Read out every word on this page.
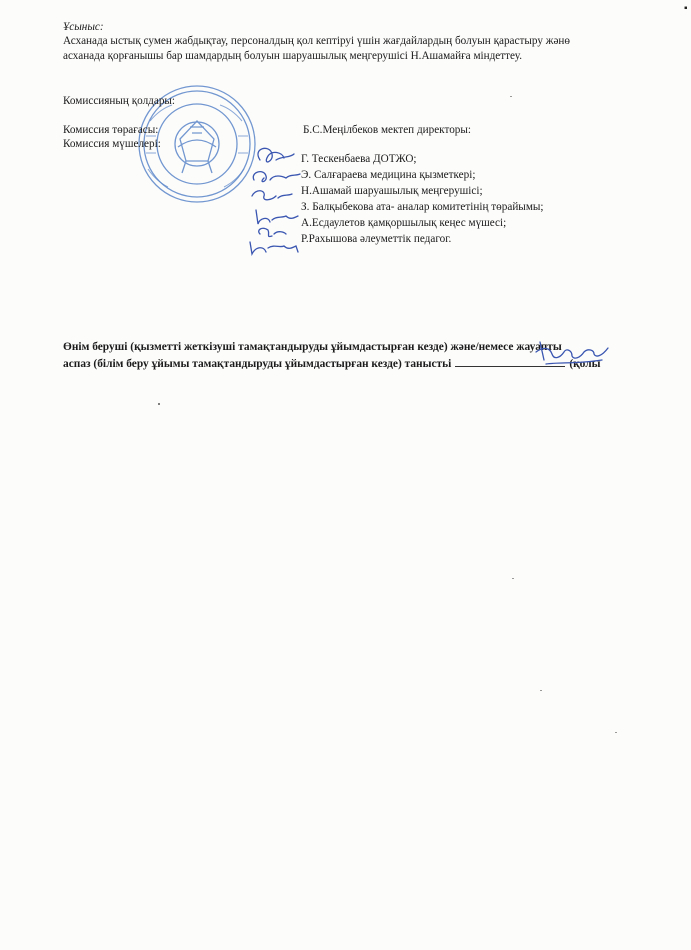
▪
Ұсыныс:
Асханада ыстық сумен жабдықтау, персоналдың қол кептіруі үшін жағдайлардың болуын қарастыру жәнө
асханада қорғанышы бар шамдардың болуын шаруашылық меңгерушісі Н.Ашамайға міндеттеу.
Комиссияның қолдары:
Комиссия төрағасы:	Б.С.Меңілбеков мектеп директоры:
Комиссия мүшелері:
Г. Тескенбаева ДОТЖО;
Э. Салғараева медицина қызметкері;
Н.Ашамай шаруашылық меңгерушісі;
З. Балқыбекова ата- аналар комитетінің төрайымы;
А.Есдаулетов қамқоршылық кеңес мүшесі;
Р.Рахышова әлеуметтік педагог.
Өнім беруші (қызметті жеткізуші тамақтандыруды ұйымдастырған кезде) және/немесе жауапты
аспаз (білім беру ұйымы тамақтандыруды ұйымдастырған кезде) таныстьі	(қолы
